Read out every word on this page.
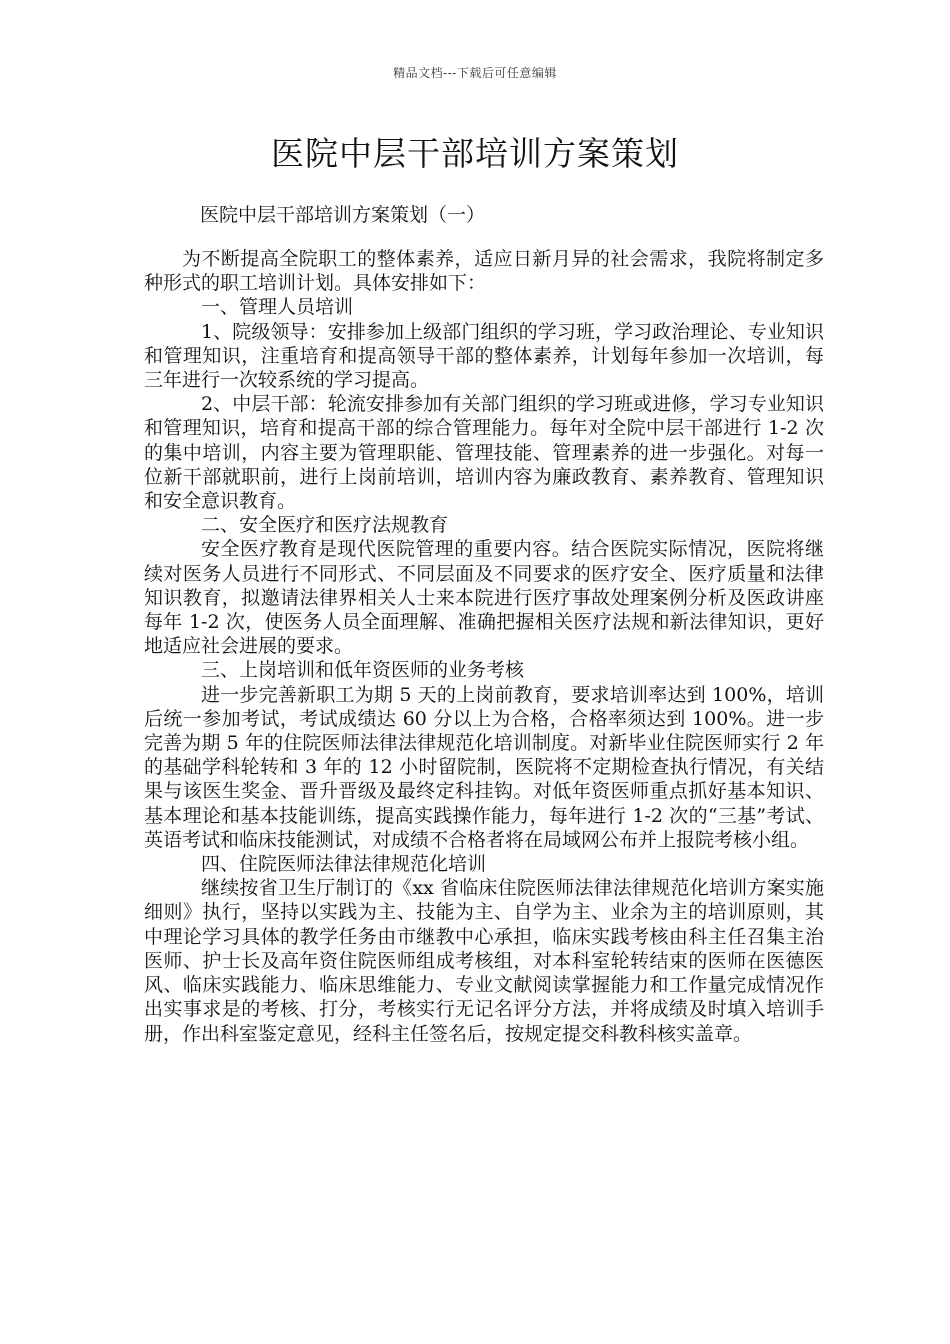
精品文档---下载后可任意编辑
医院中层干部培训方案策划

医院中层干部培训方案策划（一）

为不断提高全院职工的整体素养，适应日新月异的社会需求，我院将制定多种形式的职工培训计划。具体安排如下：

一、管理人员培训

1、院级领导：安排参加上级部门组织的学习班，学习政治理论、专业知识和管理知识，注重培育和提高领导干部的整体素养，计划每年参加一次培训，每三年进行一次较系统的学习提高。

2、中层干部：轮流安排参加有关部门组织的学习班或进修，学习专业知识和管理知识，培育和提高干部的综合管理能力。每年对全院中层干部进行 1-2 次的集中培训，内容主要为管理职能、管理技能、管理素养的进一步强化。对每一位新干部就职前，进行上岗前培训，培训内容为廉政教育、素养教育、管理知识和安全意识教育。

二、安全医疗和医疗法规教育

安全医疗教育是现代医院管理的重要内容。结合医院实际情况，医院将继续对医务人员进行不同形式、不同层面及不同要求的医疗安全、医疗质量和法律知识教育，拟邀请法律界相关人士来本院进行医疗事故处理案例分析及医政讲座每年 1-2 次，使医务人员全面理解、准确把握相关医疗法规和新法律知识，更好地适应社会进展的要求。

三、上岗培训和低年资医师的业务考核

进一步完善新职工为期 5 天的上岗前教育，要求培训率达到 100%，培训后统一参加考试，考试成绩达 60 分以上为合格，合格率须达到 100%。进一步完善为期 5 年的住院医师法律法律规范化培训制度。对新毕业住院医师实行 2 年的基础学科轮转和 3 年的 12 小时留院制，医院将不定期检查执行情况，有关结果与该医生奖金、晋升晋级及最终定科挂钩。对低年资医师重点抓好基本知识、基本理论和基本技能训练，提高实践操作能力，每年进行 1-2 次的“三基”考试、英语考试和临床技能测试，对成绩不合格者将在局域网公布并上报院考核小组。

四、住院医师法律法律规范化培训

继续按省卫生厅制订的《xx 省临床住院医师法律法律规范化培训方案实施细则》执行，坚持以实践为主、技能为主、自学为主、业余为主的培训原则，其中理论学习具体的教学任务由市继教中心承担，临床实践考核由科主任召集主治医师、护士长及高年资住院医师组成考核组，对本科室轮转结束的医师在医德医风、临床实践能力、临床思维能力、专业文献阅读掌握能力和工作量完成情况作出实事求是的考核、打分，考核实行无记名评分方法，并将成绩及时填入培训手册，作出科室鉴定意见，经科主任签名后，按规定提交科教科核实盖章。
